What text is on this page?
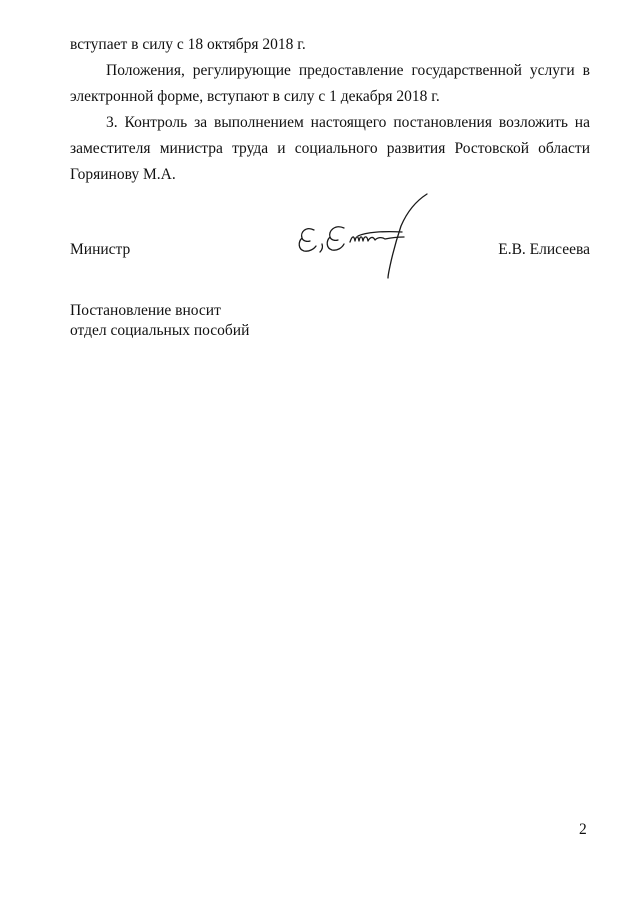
вступает в силу с 18 октября 2018 г.
Положения, регулирующие предоставление государственной услуги в
электронной форме, вступают в силу с 1 декабря 2018 г.
3. Контроль за выполнением настоящего постановления возложить на
заместителя министра труда и социального развития Ростовской области
Горяинову М.А.
Министр	Е.В. Елисеева
Постановление вносит
отдел социальных пособий
2
